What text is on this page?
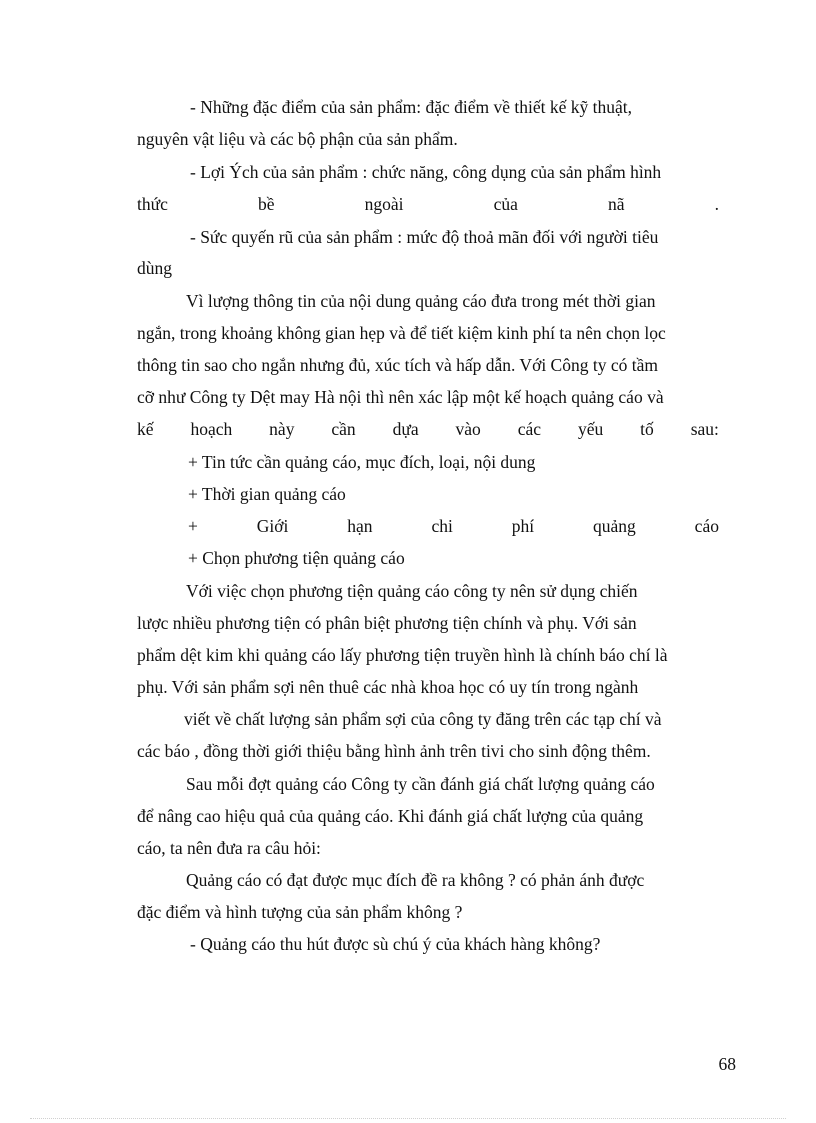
- Những đặc điểm của sản phẩm: đặc điểm về thiết kế kỹ thuật,
nguyên vật liệu và các bộ phận của sản phẩm.
- Lợi Ých của sản phẩm : chức năng, công dụng của sản phẩm hình
thức	bề	ngoài	của	nã	.
- Sức quyến rũ của sản phẩm : mức độ thoả mãn đối với người tiêu
dùng
Vì lượng thông tin của nội dung quảng cáo đưa trong mét thời gian
ngắn, trong khoảng không gian hẹp và để tiết kiệm kinh phí ta nên chọn lọc
thông tin sao cho ngắn nhưng đủ, xúc tích và hấp dẫn. Với Công ty có tầm
cỡ như Công ty Dệt may Hà nội thì nên xác lập một kế hoạch quảng cáo và
kế hoạch này cần dựa vào các yếu tố sau:
+ Tin tức cần quảng cáo, mục đích, loại, nội dung
+ Thời gian quảng cáo
+	Giới	hạn	chi	phí	quảng	cáo
+ Chọn phương tiện quảng cáo
Với việc chọn phương tiện quảng cáo công ty nên sử dụng chiến
lược nhiều phương tiện có phân biệt phương tiện chính và phụ. Với sản
phẩm dệt kim khi quảng cáo lấy phương tiện truyền hình là chính báo chí là
phụ. Với sản phẩm sợi nên thuê các nhà khoa học có uy tín trong ngành
viết về chất lượng sản phẩm sợi của công ty đăng trên các tạp chí và
các báo , đồng thời giới thiệu bằng hình ảnh trên tivi cho sinh động thêm.
Sau mỗi đợt quảng cáo Công ty cần đánh giá chất lượng quảng cáo
để nâng cao hiệu quả của quảng cáo. Khi đánh giá chất lượng của quảng
cáo, ta nên đưa ra câu hỏi:
Quảng cáo có đạt được mục đích đề ra không ? có phản ánh được
đặc điểm và hình tượng của sản phẩm không ?
- Quảng cáo thu hút được sù chú ý của khách hàng không?
68
